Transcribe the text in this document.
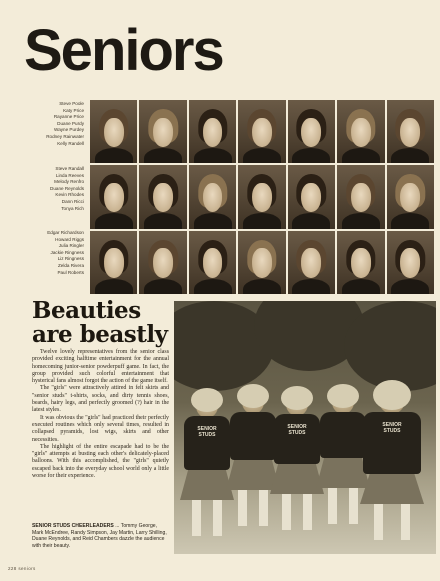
Seniors
Steve Poole
Katy Price
Rayanne Price
Duane Purdy
Wayne Purdey
Rodney Rainwater
Kelly Randell
Steve Randall
Linda Reeves
Melody Renfro
Duane Reynolds
Kevin Rhodes
Dann Ricci
Tonya Rich
Edgar Richardson
Howard Riggs
Julia Ringler
Jackie Ringness
Liz Ringness
Zelda Rivera
Paul Roberts
Beauties
are beastly

Twelve lovely representatives from the senior class provided exciting halftime entertainment for the annual homecoming junior-senior powderpuff game. In fact, the group provided such colorful entertainment that hysterical fans almost forgot the action of the game itself.

The "girls" were attractively attired in felt skirts and "senior studs" t-shirts, socks, and dirty tennis shoes, beards, hairy legs, and perfectly groomed (?) hair in the latest styles.

It was obvious the "girls" had practiced their perfectly executed routines which only several times, resulted in collapsed pyramids, lost wigs, skirts and other necessities.

The highlight of the entire escapade had to be the "girls" attempts at busting each other's delicately-placed balloons. With this accomplished, the "girls" quietly escaped back into the everyday school world only a little worse for their experience.

SENIOR STUDS CHEERLEADERS ... Tommy George, Mark McEndree, Randy Simpson, Jay Martin, Larry Shilling, Duane Reynolds, and Reid Chambers dazzle the audience with their beauty.
SENIOR
STUDS
SENIOR
STUDS
SENIOR
STUDS
228 seniors
